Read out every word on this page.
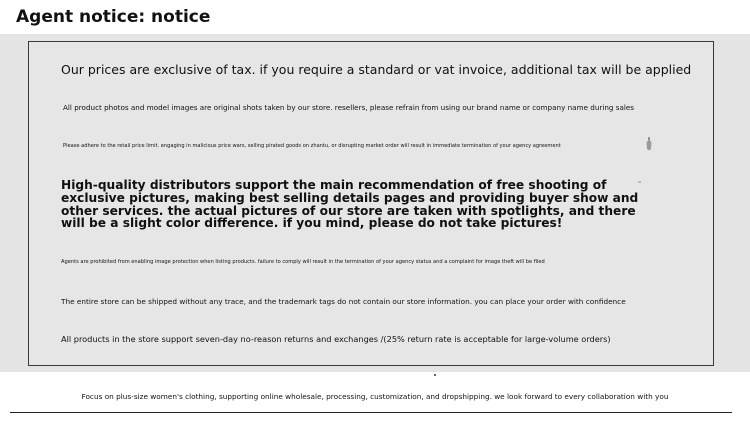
Agent notice: notice
Our prices are exclusive of tax. if you require a standard or vat invoice, additional tax will be applied
All product photos and model images are original shots taken by our store. resellers, please refrain from using our brand name or company name during sales
Please adhere to the retail price limit. engaging in malicious price wars, selling pirated goods on zhantu, or disrupting market order will result in immediate termination of your agency agreement
High-quality distributors support the main recommendation of free shooting of exclusive pictures, making best selling details pages and providing buyer show and other services. the actual pictures of our store are taken with spotlights, and there will be a slight color difference. if you mind, please do not take pictures!
Agents are prohibited from enabling image protection when listing products. failure to comply will result in the termination of your agency status and a complaint for image theft will be filed
The entire store can be shipped without any trace, and the trademark tags do not contain our store information. you can place your order with confidence
All products in the store support seven-day no-reason returns and exchanges /(25% return rate is acceptable for large-volume orders)
Focus on plus-size women's clothing, supporting online wholesale, processing, customization, and dropshipping. we look forward to every collaboration with you
